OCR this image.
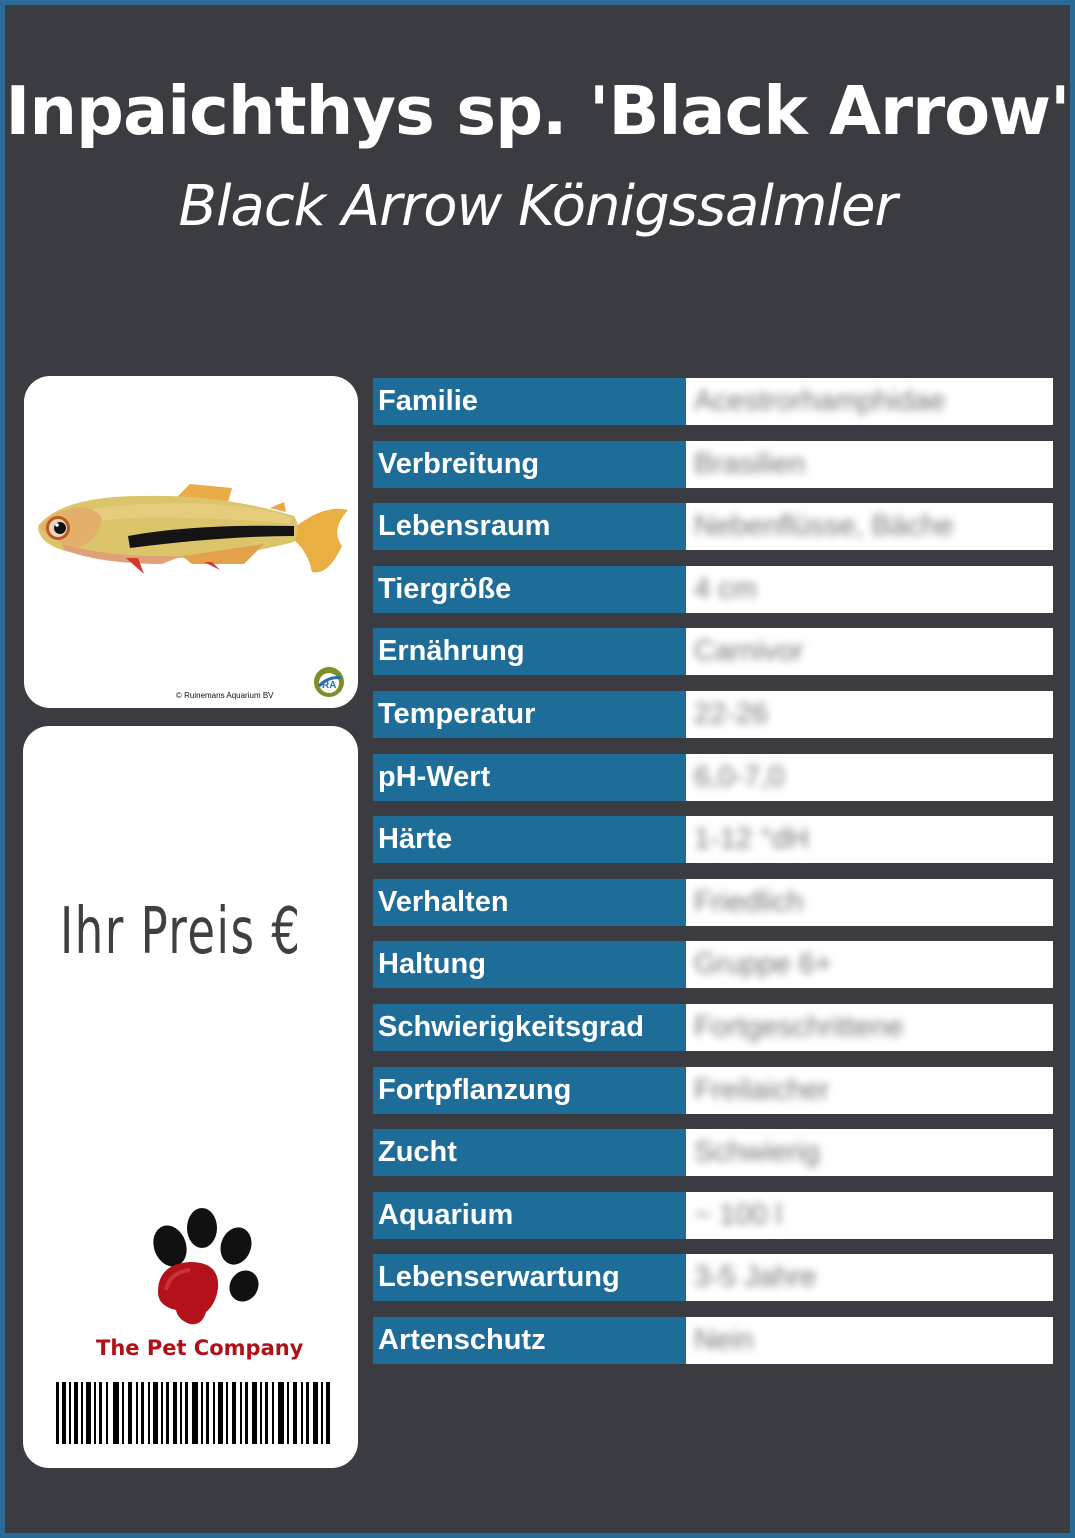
Inpaichthys sp. 'Black Arrow'
Black Arrow Königssalmler
© Ruinemans Aquarium BV
RA
Ihr Preis €
The Pet Company
Familie	Acestrorhamphidae
Verbreitung	Brasilien
Lebensraum	Nebenflüsse, Bäche
Tiergröße	4 cm
Ernährung	Carnivor
Temperatur	22-26
pH-Wert	6,0-7,0
Härte	1-12 °dH
Verhalten	Friedlich
Haltung	Gruppe 6+
Schwierigkeitsgrad	Fortgeschrittene
Fortpflanzung	Freilaicher
Zucht	Schwierig
Aquarium	~ 100 l
Lebenserwartung	3-5 Jahre
Artenschutz	Nein
